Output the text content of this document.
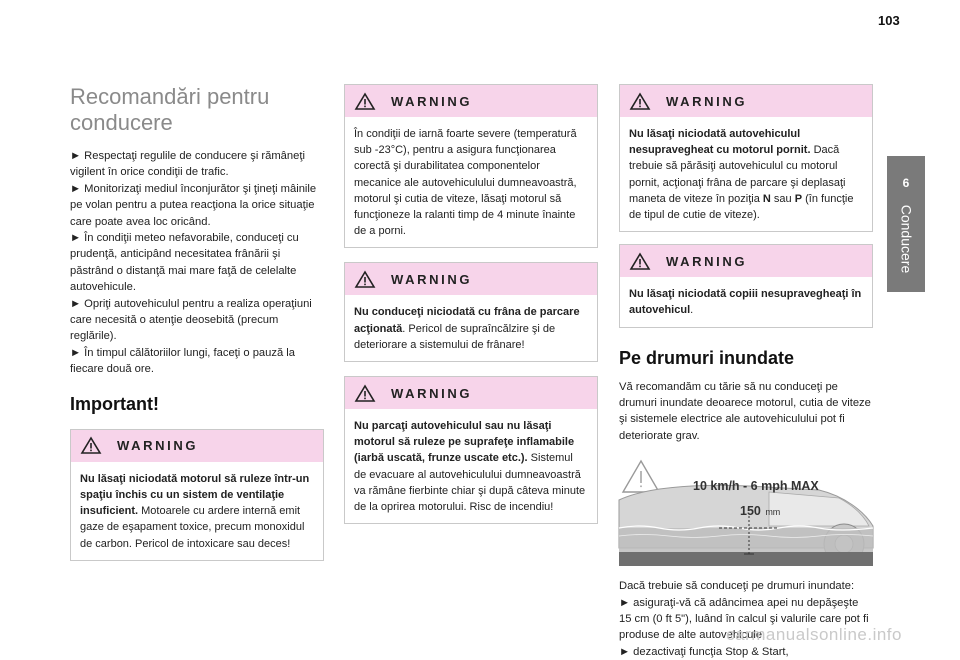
103
6
Conducere
Recomandări pentru conducere

► Respectaţi regulile de conducere şi rămâneţi vigilent în orice condiţii de trafic.
► Monitorizaţi mediul înconjurător şi ţineţi mâinile pe volan pentru a putea reacţiona la orice situaţie care poate avea loc oricând.
► În condiţii meteo nefavorabile, conduceţi cu prudenţă, anticipând necesitatea frânării şi păstrând o distanţă mai mare faţă de celelalte autovehicule.
► Opriţi autovehiculul pentru a realiza operaţiuni care necesită o atenţie deosebită (precum reglările).
► În timpul călătoriilor lungi, faceţi o pauză la fiecare două ore.

Important!
WARNING
Nu lăsaţi niciodată motorul să ruleze într-un spaţiu închis cu un sistem de ventilaţie insuficient. Motoarele cu ardere internă emit gaze de eşapament toxice, precum monoxidul de carbon. Pericol de intoxicare sau deces!
WARNING
În condiţii de iarnă foarte severe (temperatură sub -23°C), pentru a asigura funcţionarea corectă şi durabilitatea componentelor mecanice ale autovehiculului dumneavoastră, motorul şi cutia de viteze, lăsaţi motorul să funcţioneze la ralanti timp de 4 minute înainte de a porni.
WARNING
Nu conduceţi niciodată cu frâna de parcare acţionată. Pericol de supraîncălzire şi de deteriorare a sistemului de frânare!
WARNING
Nu parcaţi autovehiculul sau nu lăsaţi motorul să ruleze pe suprafeţe inflamabile (iarbă uscată, frunze uscate etc.). Sistemul de evacuare al autovehiculului dumneavoastră va rămâne fierbinte chiar şi după câteva minute de la oprirea motorului. Risc de incendiu!
WARNING
Nu lăsaţi niciodată autovehiculul nesupravegheat cu motorul pornit. Dacă trebuie să părăsiţi autovehiculul cu motorul pornit, acţionaţi frâna de parcare şi deplasaţi maneta de viteze în poziţia N sau P (în funcţie de tipul de cutie de viteze).
WARNING
Nu lăsaţi niciodată copiii nesupravegheaţi în autovehicul.
Pe drumuri inundate

Vă recomandăm cu tărie să nu conduceţi pe drumuri inundate deoarece motorul, cutia de viteze şi sistemele electrice ale autovehiculului pot fi deteriorate grav.

10 km/h - 6 mph MAX
150 mm

Dacă trebuie să conduceţi pe drumuri inundate:
► asiguraţi-vă că adâncimea apei nu depăşeşte 15 cm (0 ft 5"), luând în calcul şi valurile care pot fi produse de alte autovehicule,
► dezactivaţi funcţia Stop & Start,

carmanualsonline.info
